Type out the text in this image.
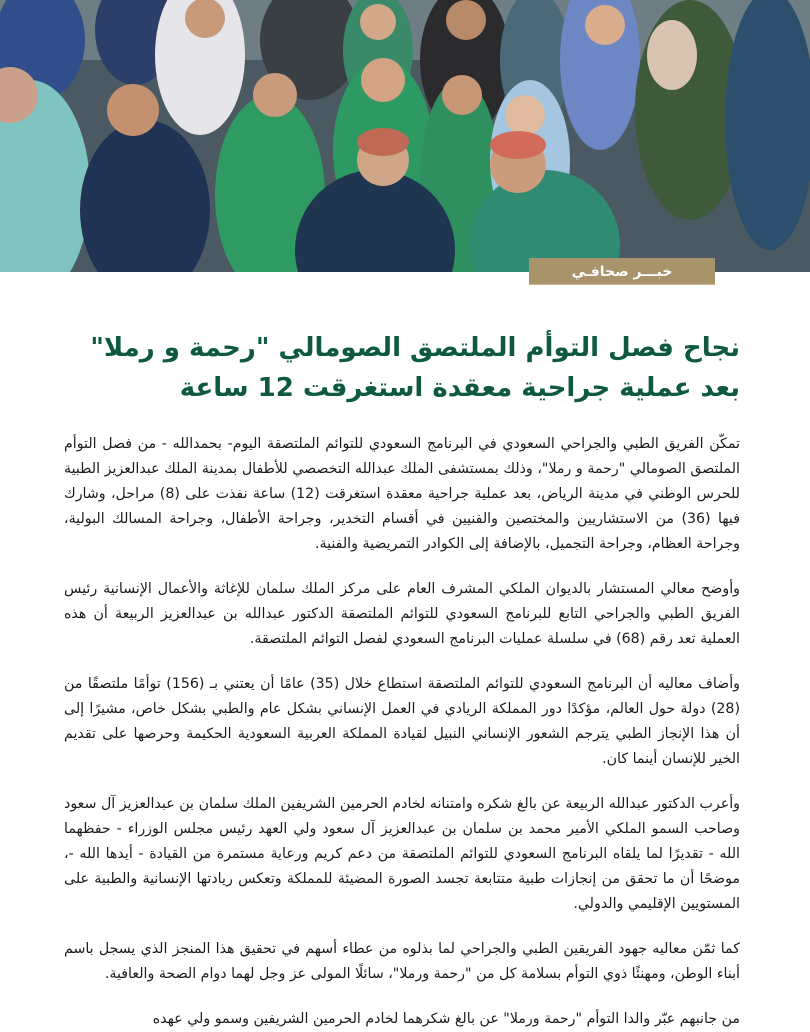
خبـــر صحافـي
نجاح فصل التوأم الملتصق الصومالي "رحمة و رملا"
بعد عملية جراحية معقدة استغرقت 12 ساعة

تمكّن الفريق الطبي والجراحي السعودي في البرنامج السعودي للتوائم الملتصقة اليوم- بحمدالله - من فصل التوأم الملتصق الصومالي "رحمة و رملا"، وذلك بمستشفى الملك عبدالله التخصصي للأطفال بمدينة الملك عبدالعزيز الطبية للحرس الوطني في مدينة الرياض، بعد عملية جراحية معقدة استغرقت (12) ساعة نفذت على (8) مراحل، وشارك فيها (36) من الاستشاريين والمختصين والفنيين في أقسام التخدير، وجراحة الأطفال، وجراحة المسالك البولية، وجراحة العظام، وجراحة التجميل، بالإضافة إلى الكوادر التمريضية والفنية.

وأوضح معالي المستشار بالديوان الملكي المشرف العام على مركز الملك سلمان للإغاثة والأعمال الإنسانية رئيس الفريق الطبي والجراحي التابع للبرنامج السعودي للتوائم الملتصقة الدكتور عبدالله بن عبدالعزيز الربيعة أن هذه العملية تعد رقم (68) في سلسلة عمليات البرنامج السعودي لفصل التوائم الملتصقة.

وأضاف معاليه أن البرنامج السعودي للتوائم الملتصقة استطاع خلال (35) عامًا أن يعتني بـ (156) توأمًا ملتصقًا من (28) دولة حول العالم، مؤكدًا دور المملكة الريادي في العمل الإنساني بشكل عام والطبي بشكل خاص، مشيرًا إلى أن هذا الإنجاز الطبي يترجم الشعور الإنساني النبيل لقيادة المملكة العربية السعودية الحكيمة وحرصها على تقديم الخير للإنسان أينما كان.

وأعرب الدكتور عبدالله الربيعة عن بالغ شكره وامتنانه لخادم الحرمين الشريفين الملك سلمان بن عبدالعزيز آل سعود وصاحب السمو الملكي الأمير محمد بن سلمان بن عبدالعزيز آل سعود ولي العهد رئيس مجلس الوزراء - حفظهما الله - تقديرًا لما يلقاه البرنامج السعودي للتوائم الملتصقة من دعم كريم ورعاية مستمرة من القيادة - أيدها الله -، موضحًا أن ما تحقق من إنجازات طبية متتابعة تجسد الصورة المضيئة للمملكة وتعكس ريادتها الإنسانية والطبية على المستويين الإقليمي والدولي.

كما ثمّن معاليه جهود الفريقين الطبي والجراحي لما بذلوه من عطاء أسهم في تحقيق هذا المنجز الذي يسجل باسم أبناء الوطن، ومهنئًا ذوي التوأم بسلامة كل من "رحمة ورملا"، سائلًا المولى عز وجل لهما دوام الصحة والعافية.

من جانبهم عبّر والدا التوأم "رحمة ورملا" عن بالغ شكرهما لخادم الحرمين الشريفين وسمو ولي عهده
